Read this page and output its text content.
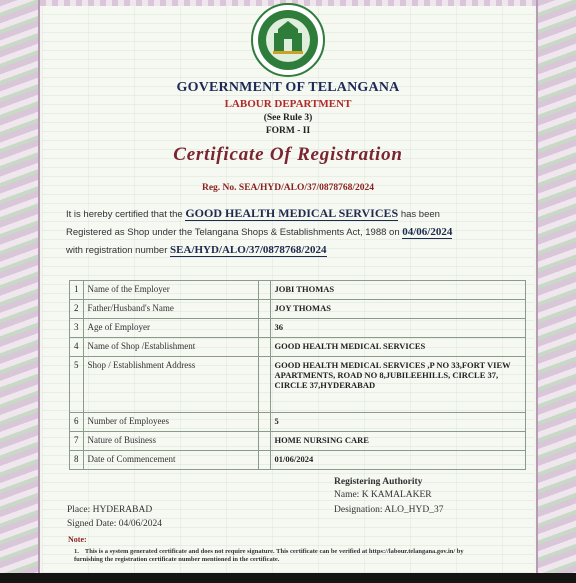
GOVERNMENT OF TELANGANA
LABOUR DEPARTMENT
(See Rule 3)
FORM - II
Certificate Of Registration
Reg. No. SEA/HYD/ALO/37/0878768/2024
It is hereby certified that the GOOD HEALTH MEDICAL SERVICES has been
Registered as Shop under the Telangana Shops & Establishments Act, 1988 on 04/06/2024
with registration number SEA/HYD/ALO/37/0878768/2024
1	Name of the Employer		JOBI THOMAS
2	Father/Husband's Name		JOY THOMAS
3	Age of Employer		36
4	Name of Shop /Establishment		GOOD HEALTH MEDICAL SERVICES
5	Shop / Establishment Address		GOOD HEALTH MEDICAL SERVICES ,P NO 33,FORT VIEW APARTMENTS, ROAD NO 8,JUBILEEHILLS, CIRCLE 37, CIRCLE 37,HYDERABAD
6	Number of Employees		5
7	Nature of Business		HOME NURSING CARE
8	Date of Commencement		01/06/2024
Registering Authority
Name: K KAMALAKER
Designation: ALO_HYD_37
Place: HYDERABAD
Signed Date: 04/06/2024
Note:
1. This is a system generated certificate and does not require signature. This certificate can be verified at https://labour.telangana.gov.in/ by furnishing the registration certificate number mentioned in the certificate.
